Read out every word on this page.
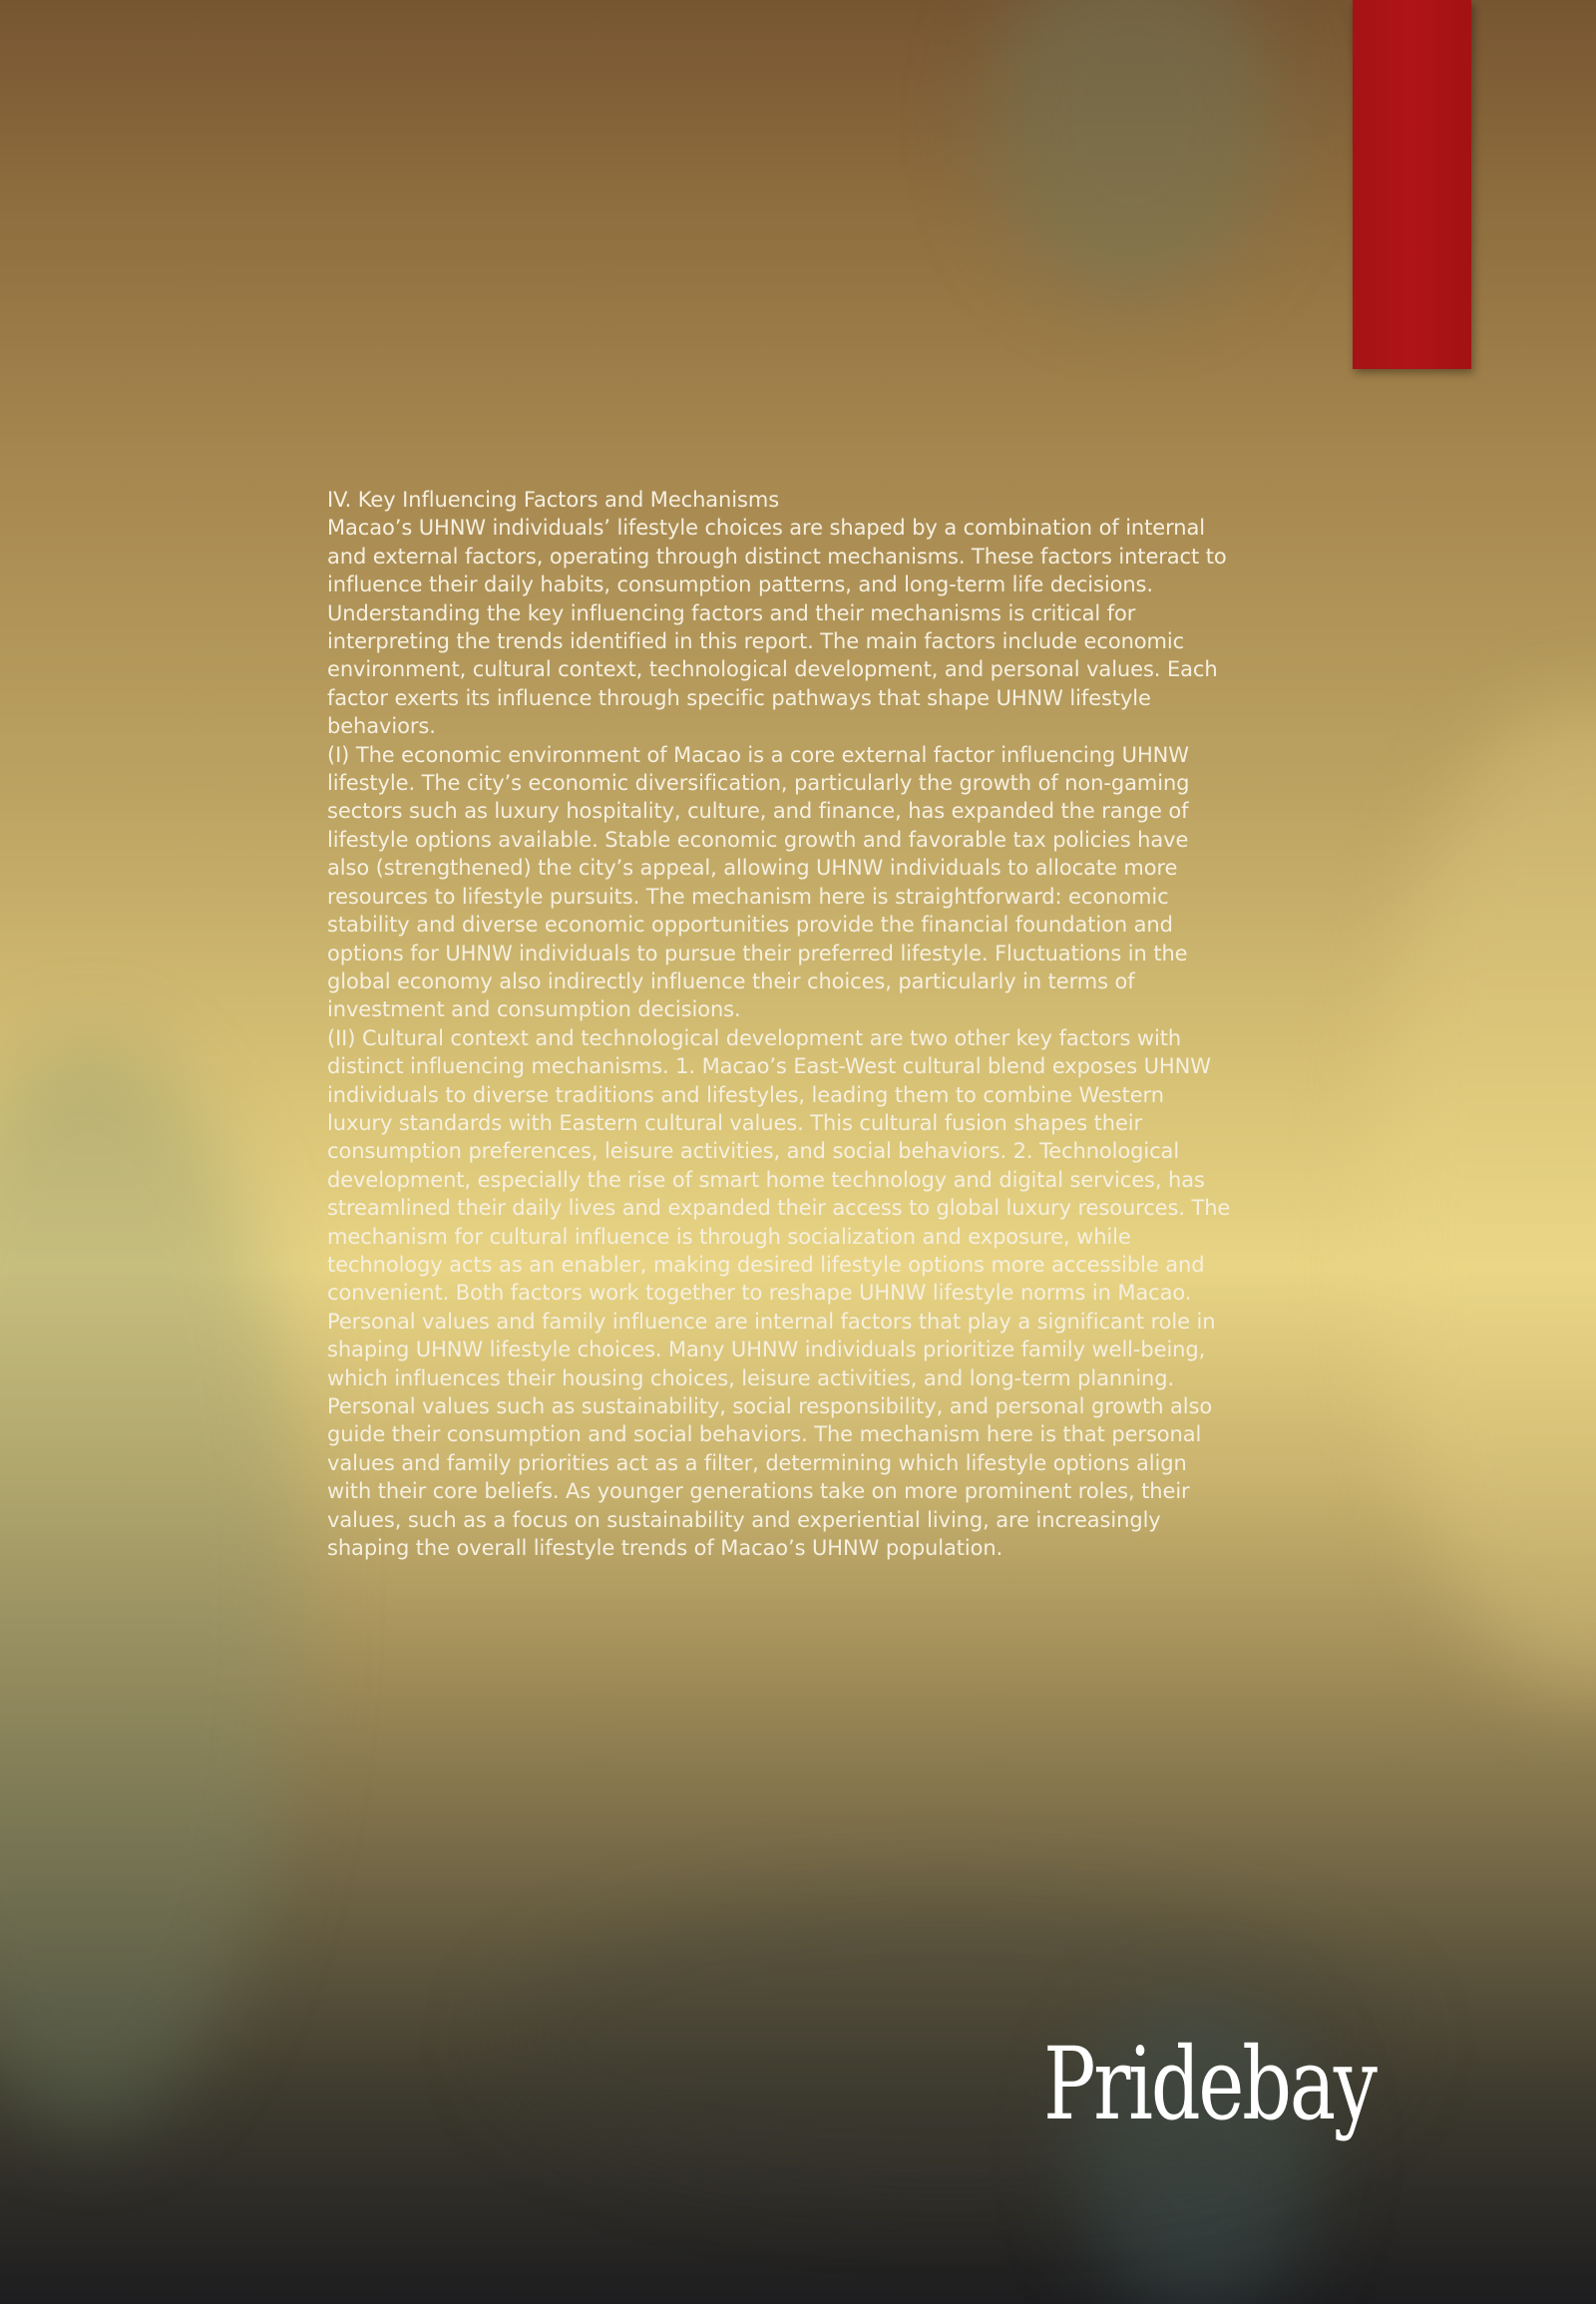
IV. Key Influencing Factors and Mechanisms

Macao’s UHNW individuals’ lifestyle choices are shaped by a combination of internal and external factors, operating through distinct mechanisms. These factors interact to influence their daily habits, consumption patterns, and long-term life decisions. Understanding the key influencing factors and their mechanisms is critical for interpreting the trends identified in this report. The main factors include economic environment, cultural context, technological development, and personal values. Each factor exerts its influence through specific pathways that shape UHNW lifestyle behaviors.

(I) The economic environment of Macao is a core external factor influencing UHNW lifestyle. The city’s economic diversification, particularly the growth of non-gaming sectors such as luxury hospitality, culture, and finance, has expanded the range of lifestyle options available. Stable economic growth and favorable tax policies have also (strengthened) the city’s appeal, allowing UHNW individuals to allocate more resources to lifestyle pursuits. The mechanism here is straightforward: economic stability and diverse economic opportunities provide the financial foundation and options for UHNW individuals to pursue their preferred lifestyle. Fluctuations in the global economy also indirectly influence their choices, particularly in terms of investment and consumption decisions.

(II) Cultural context and technological development are two other key factors with distinct influencing mechanisms. 1. Macao’s East-West cultural blend exposes UHNW individuals to diverse traditions and lifestyles, leading them to combine Western luxury standards with Eastern cultural values. This cultural fusion shapes their consumption preferences, leisure activities, and social behaviors. 2. Technological development, especially the rise of smart home technology and digital services, has streamlined their daily lives and expanded their access to global luxury resources. The mechanism for cultural influence is through socialization and exposure, while technology acts as an enabler, making desired lifestyle options more accessible and convenient. Both factors work together to reshape UHNW lifestyle norms in Macao.

Personal values and family influence are internal factors that play a significant role in shaping UHNW lifestyle choices. Many UHNW individuals prioritize family well-being, which influences their housing choices, leisure activities, and long-term planning. Personal values such as sustainability, social responsibility, and personal growth also guide their consumption and social behaviors. The mechanism here is that personal values and family priorities act as a filter, determining which lifestyle options align with their core beliefs. As younger generations take on more prominent roles, their values, such as a focus on sustainability and experiential living, are increasingly shaping the overall lifestyle trends of Macao’s UHNW population.

Pridebay
